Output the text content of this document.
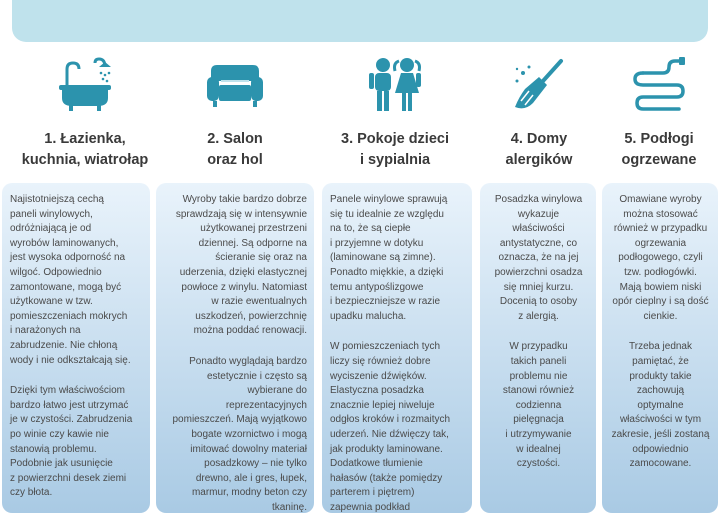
1. Łazienka,
kuchnia, wiatrołap
2. Salon
oraz hol
3. Pokoje dzieci
i sypialnia
4. Domy
alergików
5. Podłogi
ogrzewane

Najistotniejszą cechą
paneli winylowych,
odróżniającą je od
wyrobów laminowanych,
jest wysoka odporność na
wilgoć. Odpowiednio
zamontowane, mogą być
użytkowane w tzw.
pomieszczeniach mokrych
i narażonych na
zabrudzenie. Nie chłoną
wody i nie odkształcają się.

Dzięki tym właściwościom
bardzo łatwo jest utrzymać
je w czystości. Zabrudzenia
po winie czy kawie nie
stanowią problemu.
Podobnie jak usunięcie
z powierzchni desek ziemi
czy błota.

Wyroby takie bardzo dobrze
sprawdzają się w intensywnie
użytkowanej przestrzeni
dziennej. Są odporne na
ścieranie się oraz na
uderzenia, dzięki elastycznej
powłoce z winylu. Natomiast
w razie ewentualnych
uszkodzeń, powierzchnię
można poddać renowacji.

Ponadto wyglądają bardzo
estetycznie i często są
wybierane do
reprezentacyjnych
pomieszczeń. Mają wyjątkowo
bogate wzornictwo i mogą
imitować dowolny materiał
posadzkowy – nie tylko
drewno, ale i gres, łupek,
marmur, modny beton czy
tkaninę.

Panele winylowe sprawują
się tu idealnie ze względu
na to, że są ciepłe
i przyjemne w dotyku
(laminowane są zimne).
Ponadto miękkie, a dzięki
temu antypoślizgowe
i bezpieczniejsze w razie
upadku malucha.

W pomieszczeniach tych
liczy się również dobre
wyciszenie dźwięków.
Elastyczna posadzka
znacznie lepiej niweluje
odgłos kroków i rozmaitych
uderzeń. Nie dźwięczy tak,
jak produkty laminowane.
Dodatkowe tłumienie
hałasów (także pomiędzy
parterem i piętrem)
zapewnia podkład

Posadzka winylowa
wykazuje
właściwości
antystatyczne, co
oznacza, że na jej
powierzchni osadza
się mniej kurzu.
Docenią to osoby
z alergią.

W przypadku
takich paneli
problemu nie
stanowi również
codzienna
pielęgnacja
i utrzymywanie
w idealnej
czystości.

Omawiane wyroby
można stosować
również w przypadku
ogrzewania
podłogowego, czyli
tzw. podłogówki.
Mają bowiem niski
opór cieplny i są dość
cienkie.

Trzeba jednak
pamiętać, że
produkty takie
zachowują
optymalne
właściwości w tym
zakresie, jeśli zostaną
odpowiednio
zamocowane.
